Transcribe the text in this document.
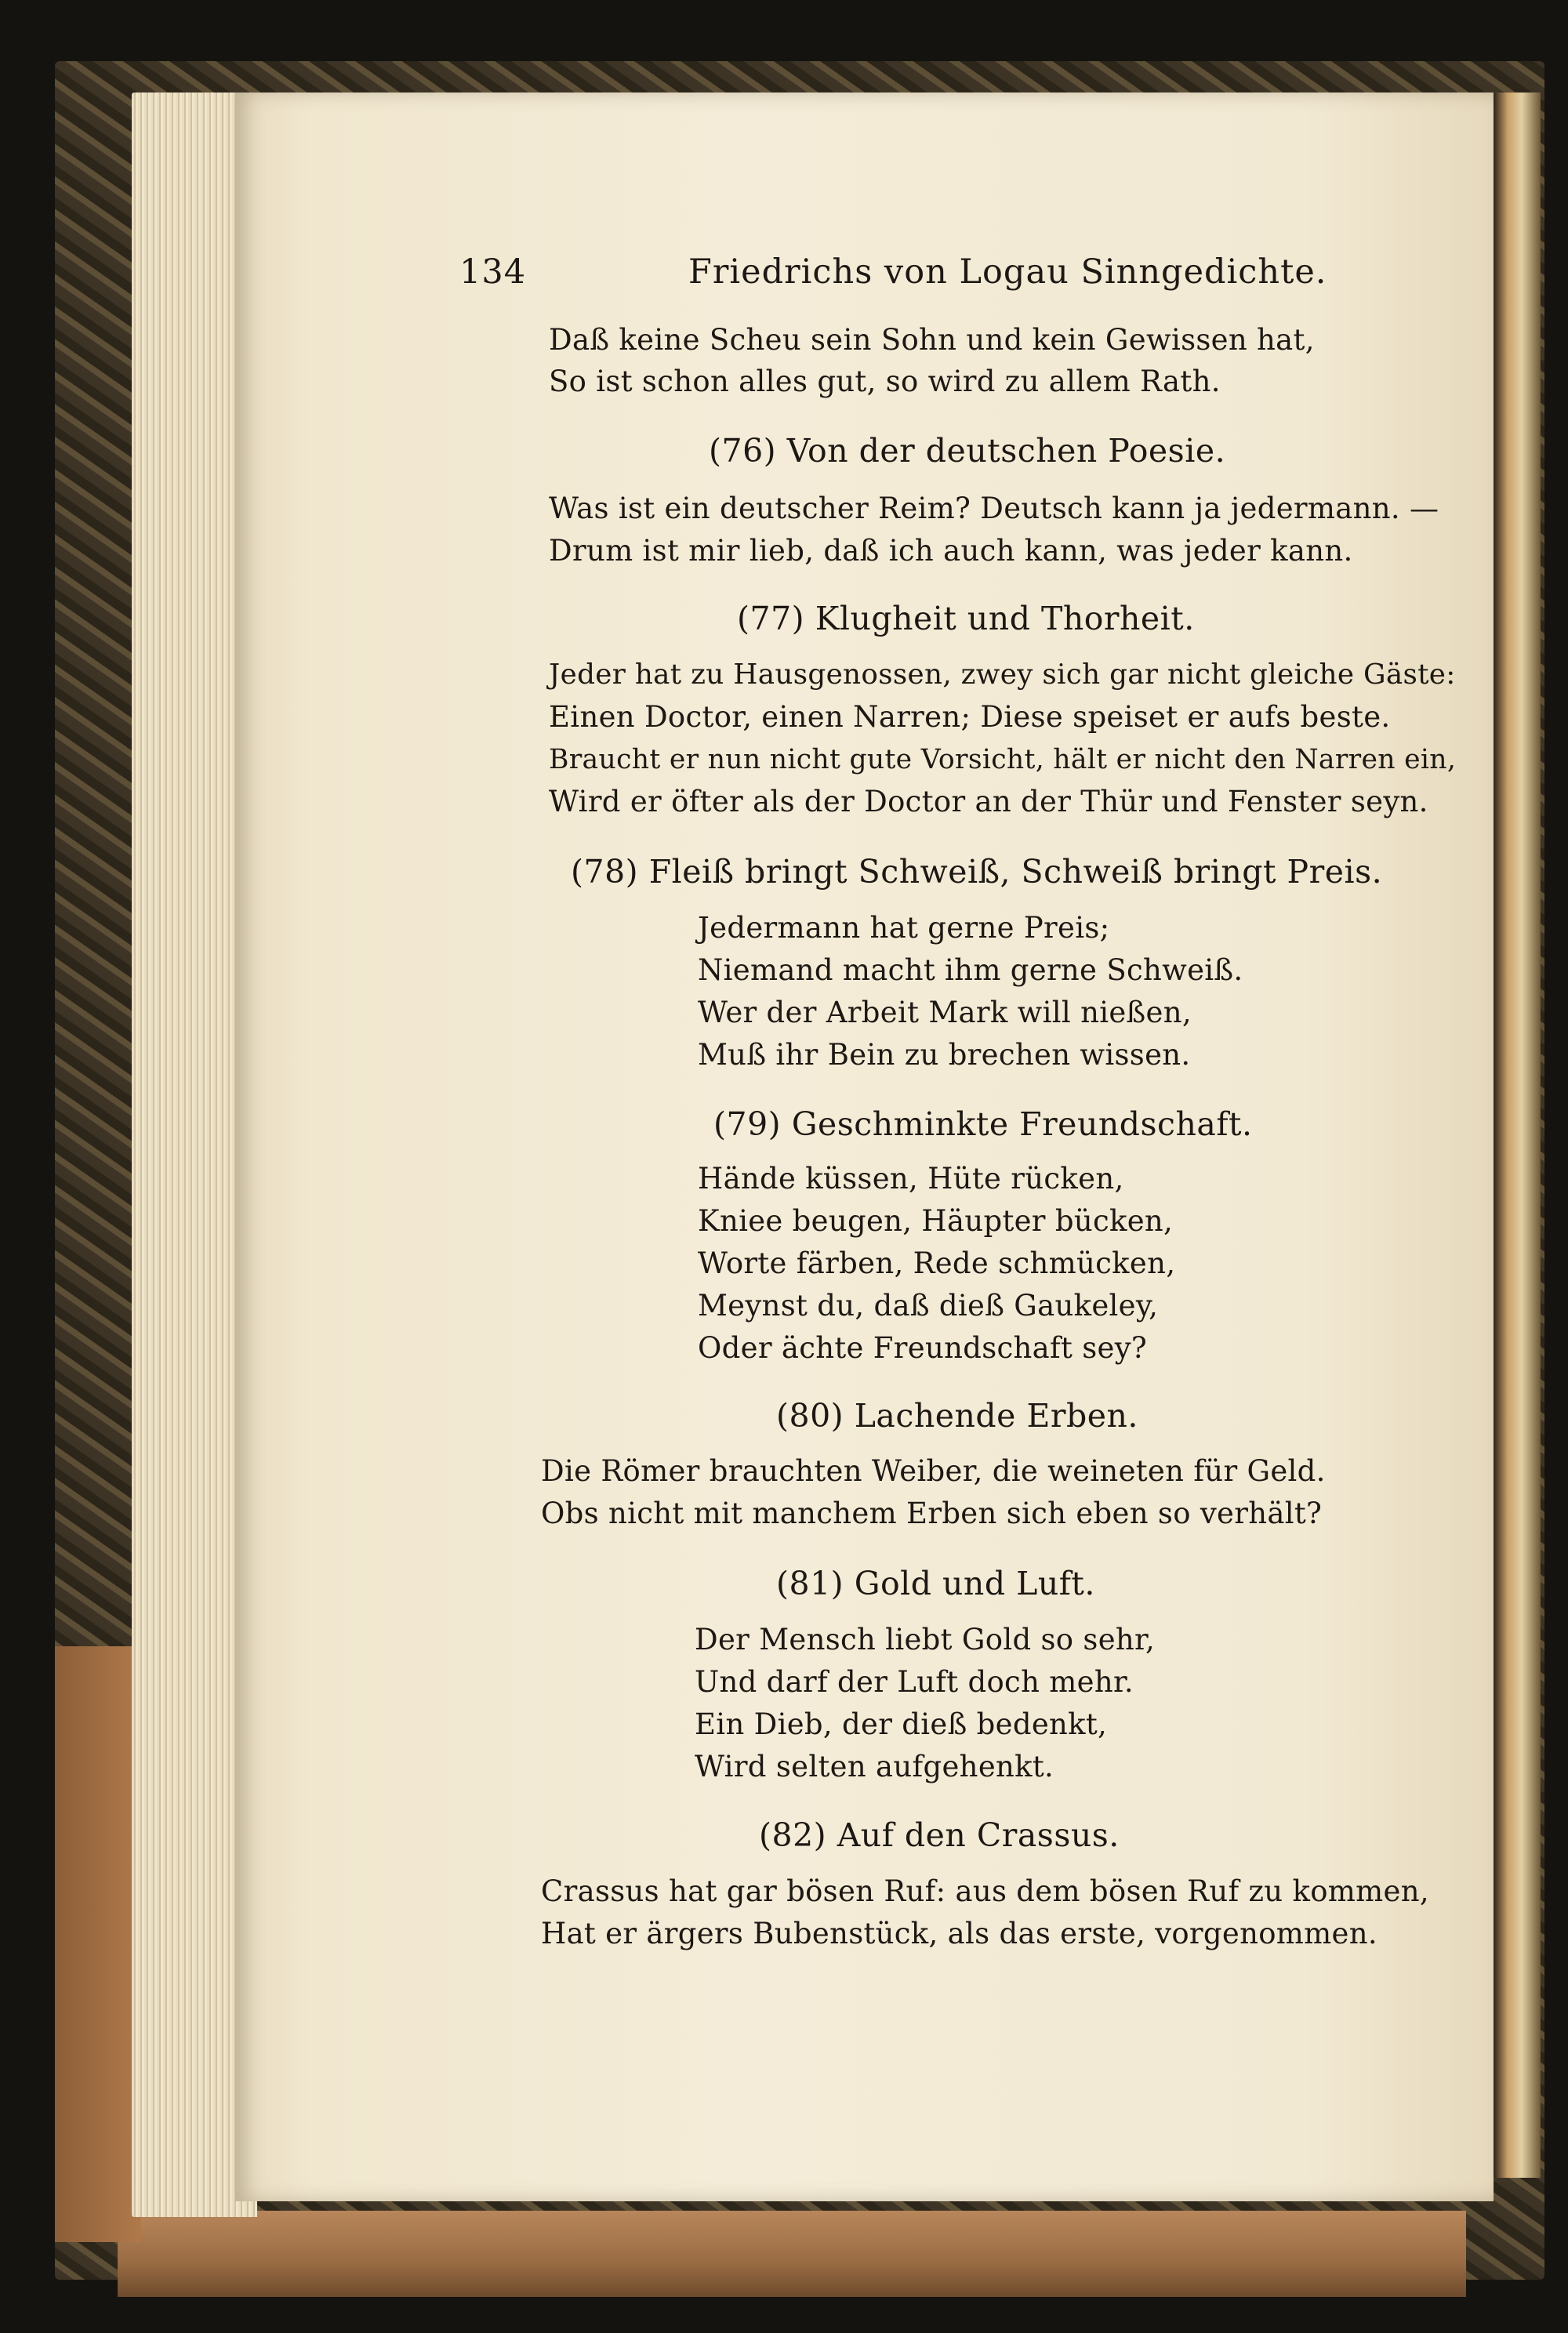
134	Friedrichs von Logau Sinngedichte.
Daß keine Scheu sein Sohn und kein Gewissen hat,
So ist schon alles gut, so wird zu allem Rath.
(76) Von der deutschen Poesie.
Was ist ein deutscher Reim? Deutsch kann ja jedermann. —
Drum ist mir lieb, daß ich auch kann, was jeder kann.
(77) Klugheit und Thorheit.
Jeder hat zu Hausgenossen, zwey sich gar nicht gleiche Gäste:
Einen Doctor, einen Narren; Diese speiset er aufs beste.
Braucht er nun nicht gute Vorsicht, hält er nicht den Narren ein,
Wird er öfter als der Doctor an der Thür und Fenster seyn.
(78) Fleiß bringt Schweiß, Schweiß bringt Preis.
Jedermann hat gerne Preis;
Niemand macht ihm gerne Schweiß.
Wer der Arbeit Mark will nießen,
Muß ihr Bein zu brechen wissen.
(79) Geschminkte Freundschaft.
Hände küssen, Hüte rücken,
Kniee beugen, Häupter bücken,
Worte färben, Rede schmücken,
Meynst du, daß dieß Gaukeley,
Oder ächte Freundschaft sey?
(80) Lachende Erben.
Die Römer brauchten Weiber, die weineten für Geld.
Obs nicht mit manchem Erben sich eben so verhält?
(81) Gold und Luft.
Der Mensch liebt Gold so sehr,
Und darf der Luft doch mehr.
Ein Dieb, der dieß bedenkt,
Wird selten aufgehenkt.
(82) Auf den Crassus.
Crassus hat gar bösen Ruf: aus dem bösen Ruf zu kommen,
Hat er ärgers Bubenstück, als das erste, vorgenommen.
